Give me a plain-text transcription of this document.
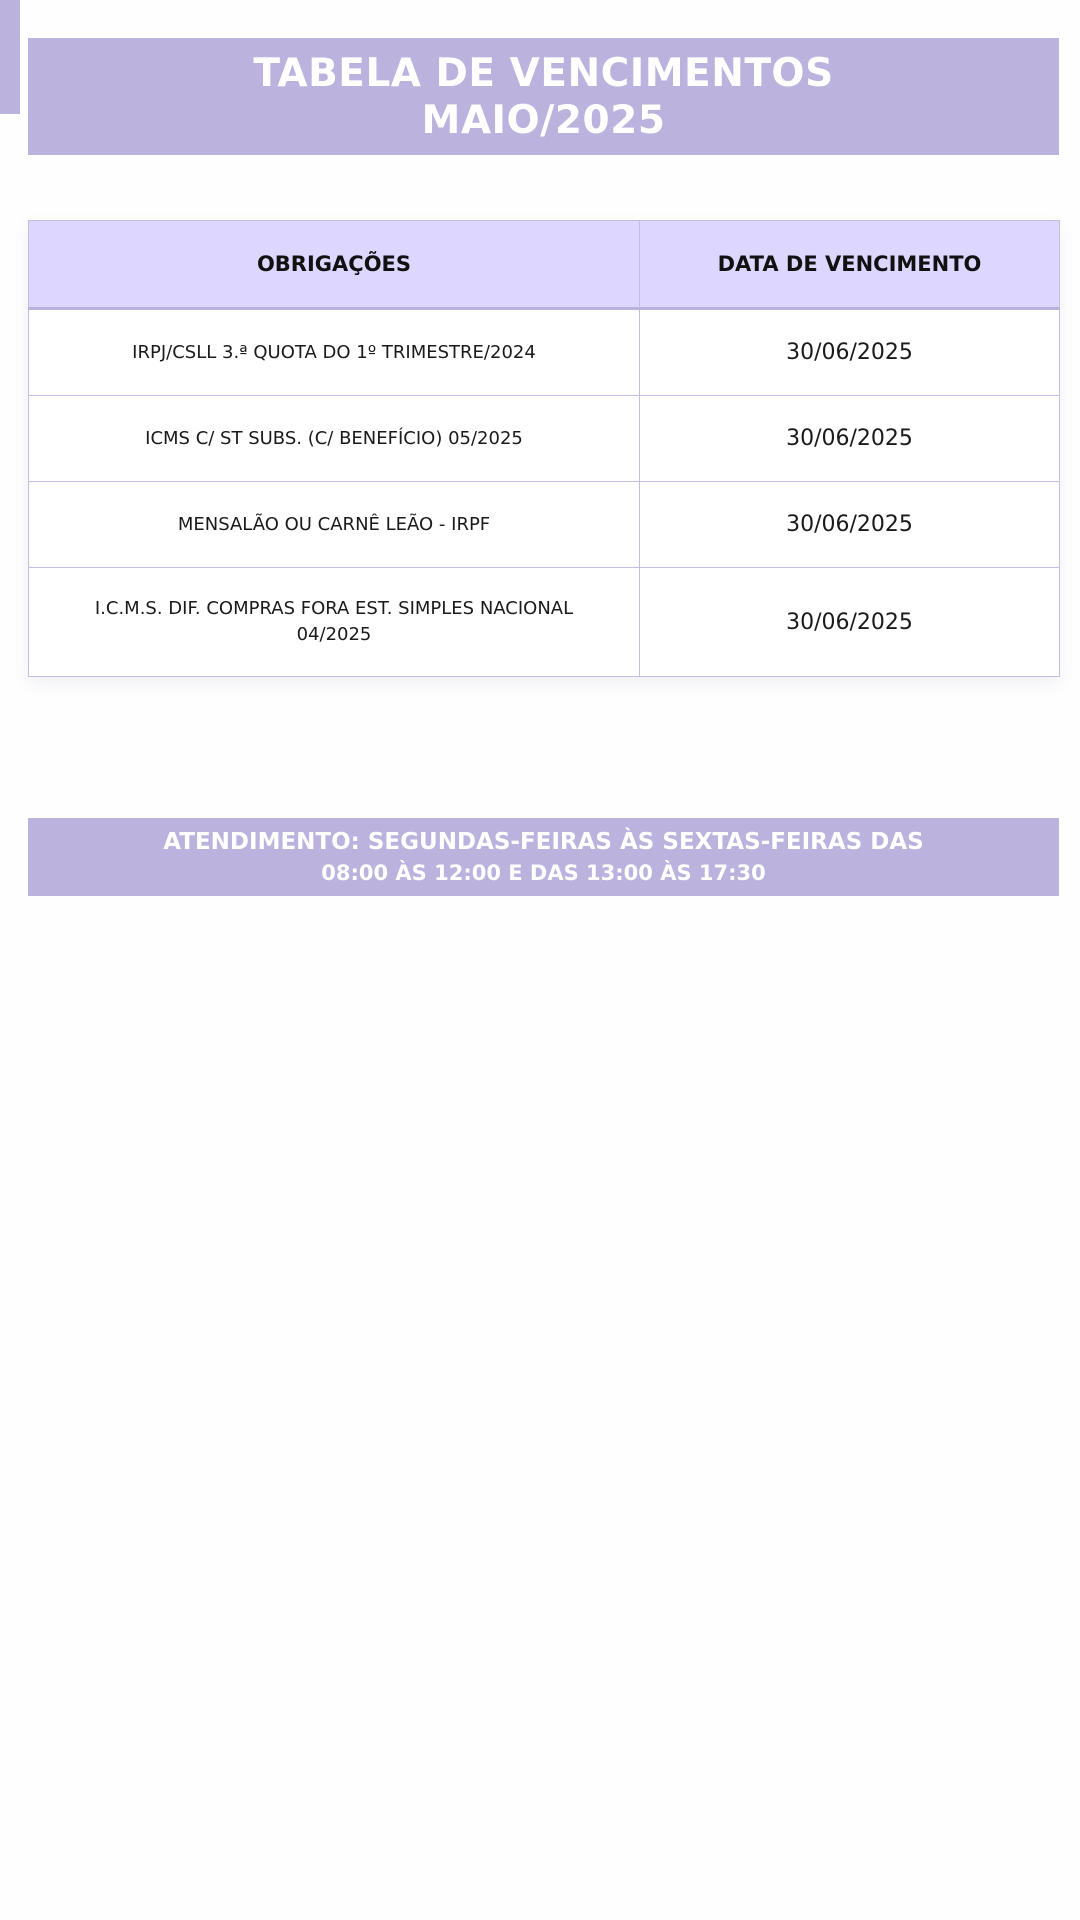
TABELA DE VENCIMENTOS
MAIO/2025
OBRIGAÇÕES	DATA DE VENCIMENTO
IRPJ/CSLL 3.ª QUOTA DO 1º TRIMESTRE/2024	30/06/2025
ICMS C/ ST SUBS. (C/ BENEFÍCIO) 05/2025	30/06/2025
MENSALÃO OU CARNÊ LEÃO - IRPF	30/06/2025
I.C.M.S. DIF. COMPRAS FORA EST. SIMPLES NACIONAL 04/2025	30/06/2025
ATENDIMENTO: SEGUNDAS-FEIRAS ÀS SEXTAS-FEIRAS DAS
08:00 ÀS 12:00 E DAS 13:00 ÀS 17:30
